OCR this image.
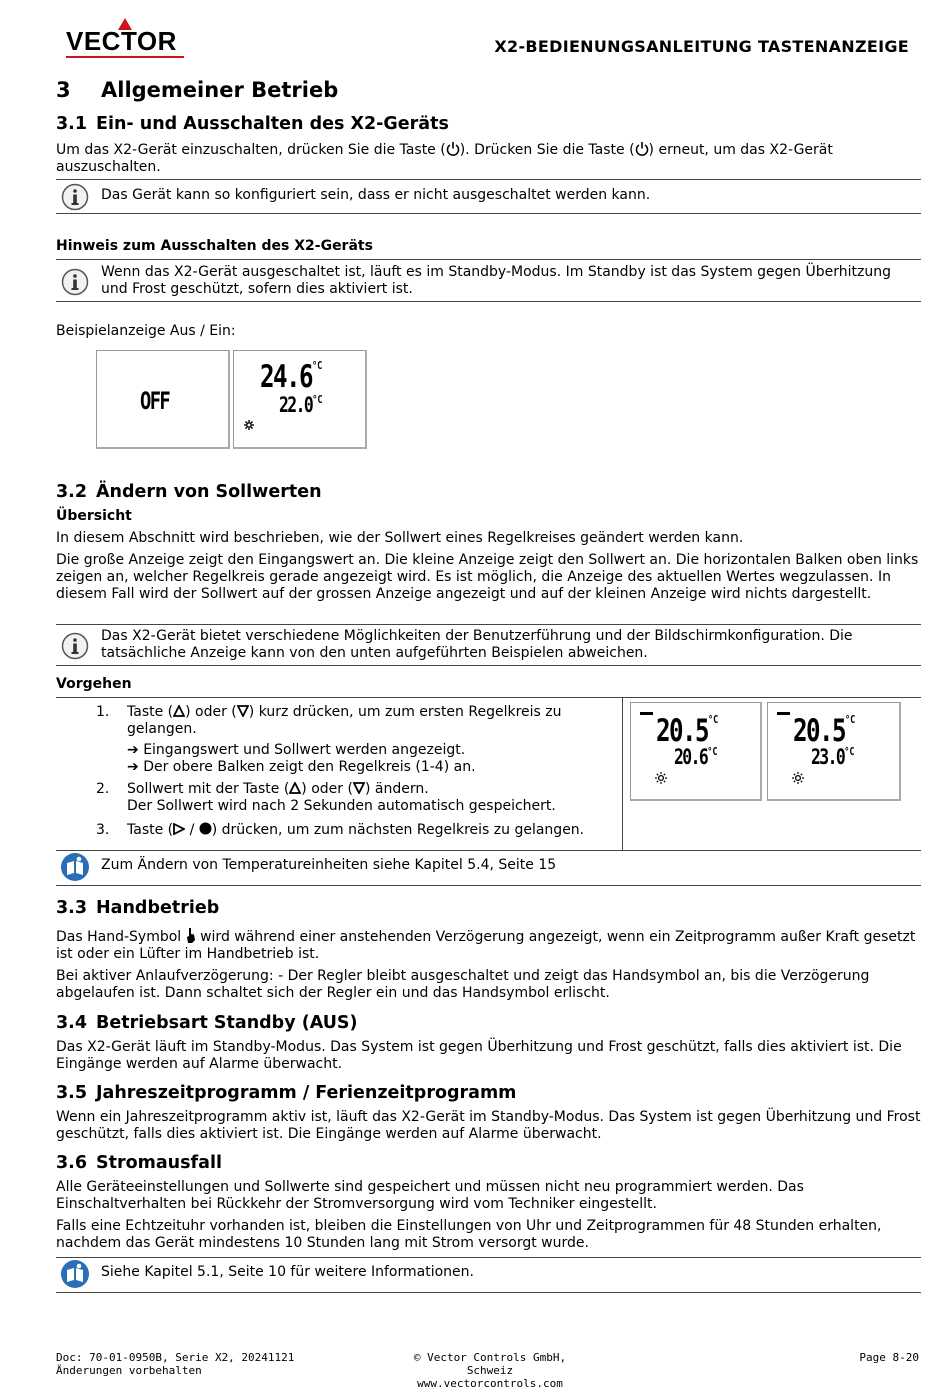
VECTOR	X2-BEDIENUNGSANLEITUNG TASTENANZEIGE
3 Allgemeiner Betrieb
3.1 Ein- und Ausschalten des X2-Geräts

Um das X2-Gerät einzuschalten, drücken Sie die Taste ( ). Drücken Sie die Taste ( ) erneut, um das X2-Gerät
auszuschalten.

Das Gerät kann so konfiguriert sein, dass er nicht ausgeschaltet werden kann.
Hinweis zum Ausschalten des X2-Geräts
Wenn das X2-Gerät ausgeschaltet ist, läuft es im Standby-Modus. Im Standby ist das System gegen Überhitzung und Frost geschützt, sofern dies aktiviert ist.

Beispielanzeige Aus / Ein:

OFF
$24.6^{^\circ C}$
$22.0^{^\circ C}$
3.2 Ändern von Sollwerten
Übersicht

In diesem Abschnitt wird beschrieben, wie der Sollwert eines Regelkreises geändert werden kann.

Die große Anzeige zeigt den Eingangswert an. Die kleine Anzeige zeigt den Sollwert an. Die horizontalen Balken oben links zeigen an, welcher Regelkreis gerade angezeigt wird. Es ist möglich, die Anzeige des aktuellen Wertes wegzulassen. In diesem Fall wird der Sollwert auf der grossen Anzeige angezeigt und auf der kleinen Anzeige wird nichts dargestellt.

Das X2-Gerät bietet verschiedene Möglichkeiten der Benutzerführung und der Bildschirmkonfiguration. Die tatsächliche Anzeige kann von den unten aufgeführten Beispielen abweichen.
Vorgehen
1. Taste ( ) oder ( ) kurz drücken, um zum ersten Regelkreis zu gelangen.
➔ Eingangswert und Sollwert werden angezeigt.
➔ Der obere Balken zeigt den Regelkreis (1-4) an.
2. Sollwert mit der Taste ( ) oder ( ) ändern.
Der Sollwert wird nach 2 Sekunden automatisch gespeichert.
3. Taste ( / ) drücken, um zum nächsten Regelkreis zu gelangen.
$20.5^{^\circ C}$
$20.6^{^\circ C}$
$20.5^{^\circ C}$
$23.0^{^\circ C}$
Zum Ändern von Temperatureinheiten siehe Kapitel 5.4, Seite 15
3.3 Handbetrieb

Das Hand-Symbol  wird während einer anstehenden Verzögerung angezeigt, wenn ein Zeitprogramm außer Kraft gesetzt ist oder ein Lüfter im Handbetrieb ist.

Bei aktiver Anlaufverzögerung: - Der Regler bleibt ausgeschaltet und zeigt das Handsymbol an, bis die Verzögerung abgelaufen ist. Dann schaltet sich der Regler ein und das Handsymbol erlischt.

3.4 Betriebsart Standby (AUS)

Das X2-Gerät läuft im Standby-Modus. Das System ist gegen Überhitzung und Frost geschützt, falls dies aktiviert ist. Die Eingänge werden auf Alarme überwacht.

3.5 Jahreszeitprogramm / Ferienzeitprogramm

Wenn ein Jahreszeitprogramm aktiv ist, läuft das X2-Gerät im Standby-Modus. Das System ist gegen Überhitzung und Frost geschützt, falls dies aktiviert ist. Die Eingänge werden auf Alarme überwacht.

3.6 Stromausfall

Alle Geräteeinstellungen und Sollwerte sind gespeichert und müssen nicht neu programmiert werden. Das Einschaltverhalten bei Rückkehr der Stromversorgung wird vom Techniker eingestellt.

Falls eine Echtzeituhr vorhanden ist, bleiben die Einstellungen von Uhr und Zeitprogrammen für 48 Stunden erhalten, nachdem das Gerät mindestens 10 Stunden lang mit Strom versorgt wurde.

Siehe Kapitel 5.1, Seite 10 für weitere Informationen.
Doc: 70-01-0950B, Serie X2, 20241121
Änderungen vorbehalten
© Vector Controls GmbH, Schweiz
www.vectorcontrols.com
Page 8-20
